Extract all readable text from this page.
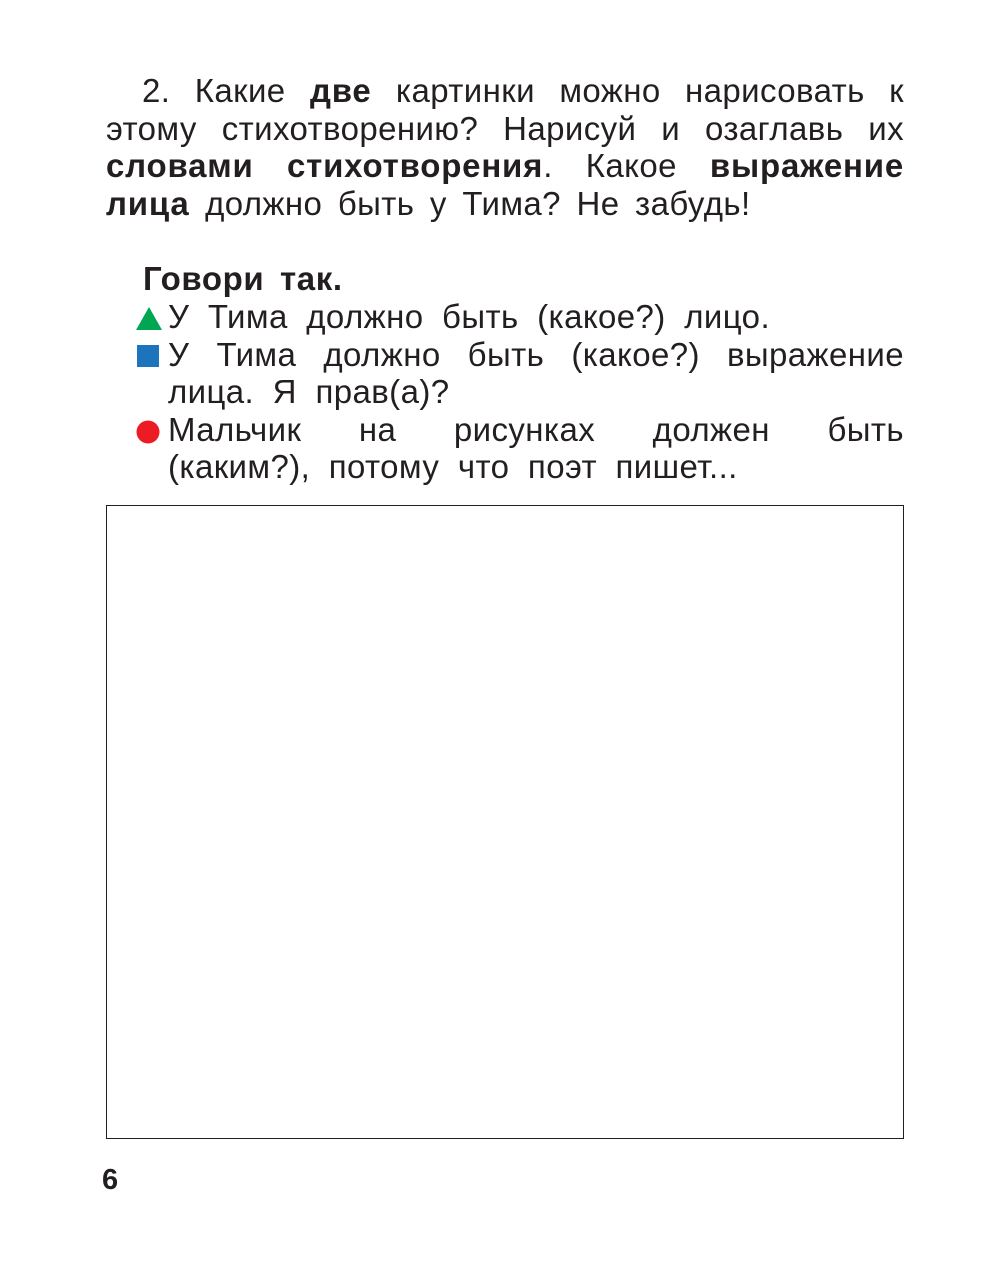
2. Какие две картинки можно нарисовать к этому стихотворению? Нарисуй и озаглавь их словами стихотворения. Какое выражение лица должно быть у Тима? Не забудь!

Говори так.
У Тима должно быть (какое?) лицо.
У Тима должно быть (какое?) выражение лица. Я прав(а)?
Мальчик на рисунках должен быть (каким?), потому что поэт пишет...
6
